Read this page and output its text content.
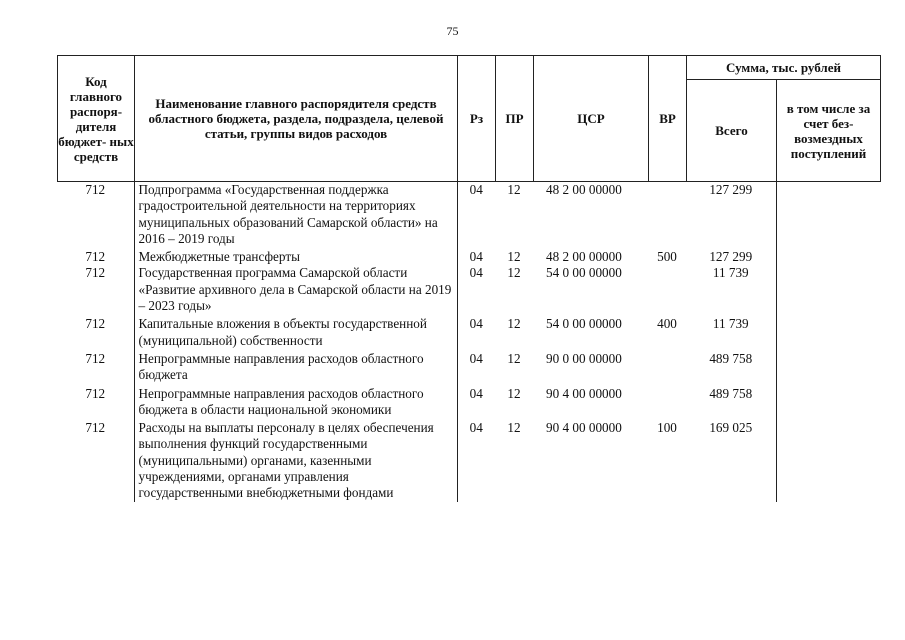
75
Код главного распоря- дителя бюджет- ных средств	Наименование главного распорядителя средств областного бюджета, раздела, подраздела, целевой статьи, группы видов расходов	Рз	ПР	ЦСР	ВР	Сумма, тыс. рублей	
						Всего	в том числе за счет без- возмездных поступлений
712	Подпрограмма «Государственная поддержка градостроительной деятельности на территориях муниципальных образований Самарской области» на 2016 – 2019 годы	04	12	48 2 00 00000		127 299	
712	Межбюджетные трансферты	04	12	48 2 00 00000	500	127 299	
712	Государственная программа Самарской области «Развитие архивного дела в Самарской области на 2019 – 2023 годы»	04	12	54 0 00 00000		11 739	
712	Капитальные вложения в объекты государственной (муниципальной) собственности	04	12	54 0 00 00000	400	11 739	
712	Непрограммные направления расходов областного бюджета	04	12	90 0 00 00000		489 758	
712	Непрограммные направления расходов областного бюджета в области национальной экономики	04	12	90 4 00 00000		489 758	
712	Расходы на выплаты персоналу в целях обеспечения выполнения функций государственными (муниципальными) органами, казенными учреждениями, органами управления государственными внебюджетными фондами	04	12	90 4 00 00000	100	169 025	
